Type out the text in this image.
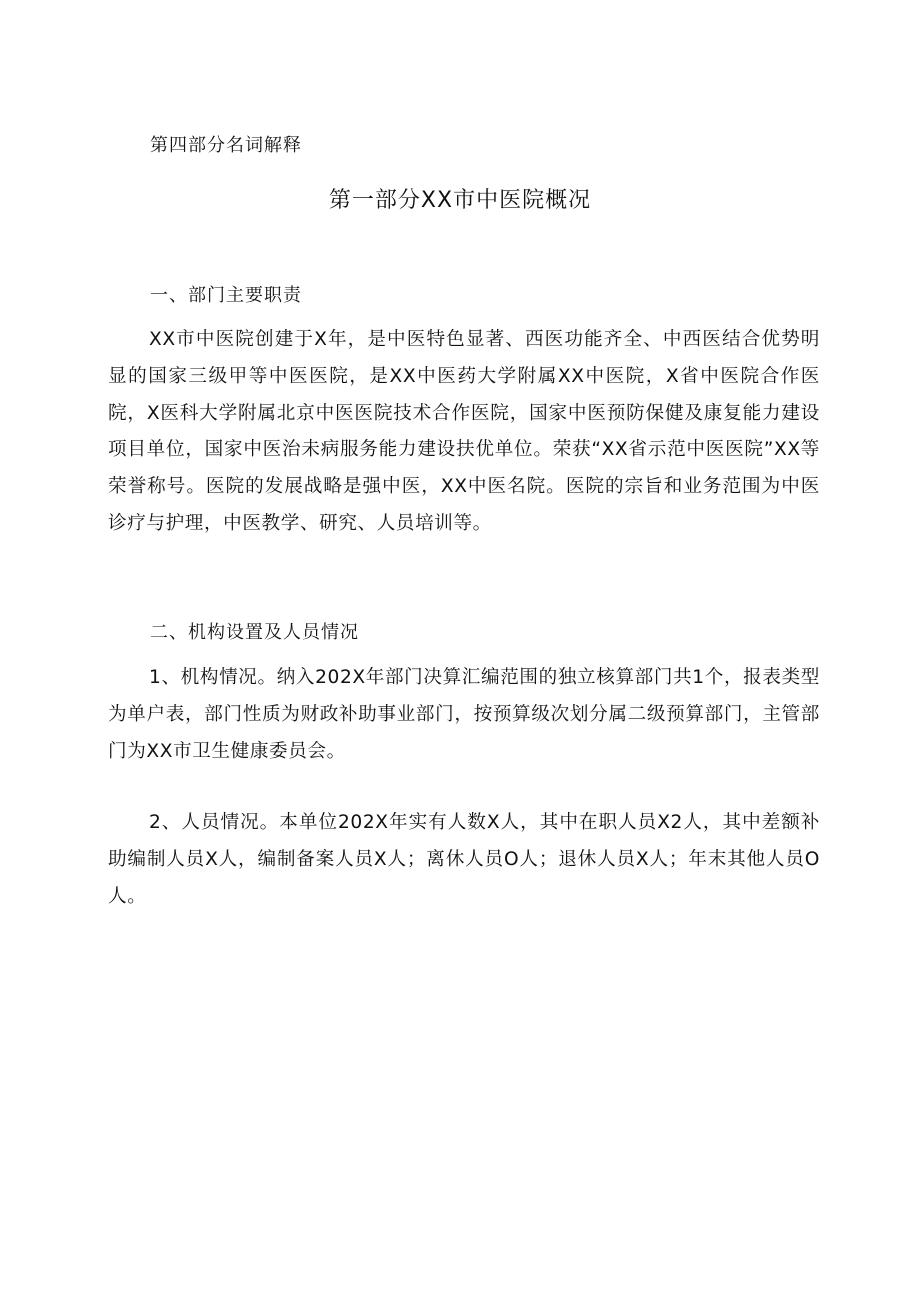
第四部分名词解释
第一部分XX市中医院概况
一、部门主要职责

XX市中医院创建于X年，是中医特色显著、西医功能齐全、中西医结合优势明显的国家三级甲等中医医院，是XX中医药大学附属XX中医院，X省中医院合作医院，X医科大学附属北京中医医院技术合作医院，国家中医预防保健及康复能力建设项目单位，国家中医治未病服务能力建设扶优单位。荣获“XX省示范中医医院”XX等荣誉称号。医院的发展战略是强中医，XX中医名院。医院的宗旨和业务范围为中医诊疗与护理，中医教学、研究、人员培训等。

二、机构设置及人员情况

1、机构情况。纳入202X年部门决算汇编范围的独立核算部门共1个，报表类型为单户表，部门性质为财政补助事业部门，按预算级次划分属二级预算部门，主管部门为XX市卫生健康委员会。

2、人员情况。本单位202X年实有人数X人，其中在职人员X2人，其中差额补助编制人员X人，编制备案人员X人；离休人员O人；退休人员X人；年末其他人员O人。
